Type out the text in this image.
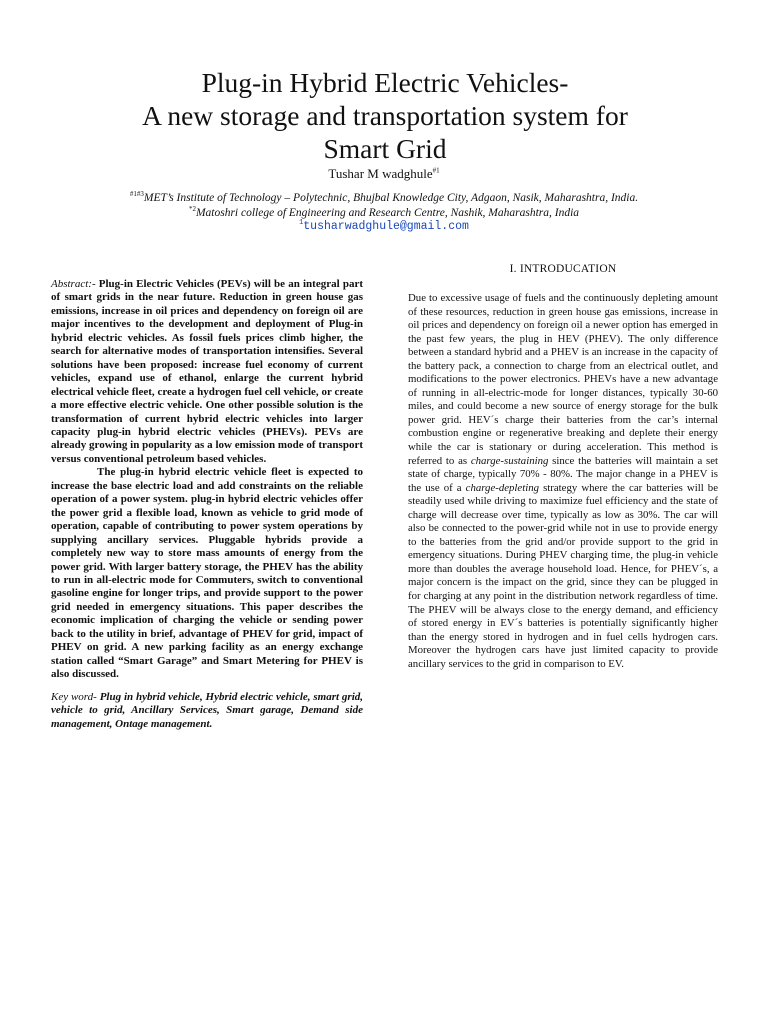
Plug-in Hybrid Electric Vehicles-
A new storage and transportation system for
Smart Grid
Tushar M wadghule$^{\#1}$
$^{\#1\#3}$MET’s Institute of Technology – Polytechnic, Bhujbal Knowledge City, Adgaon, Nasik, Maharashtra, India.
$^{*2}$Matoshri college of Engineering and Research Centre, Nashik, Maharashtra, India
$^1$tusharwadghule@gmail.com

Abstract:- Plug-in Electric Vehicles (PEVs) will be an integral part of smart grids in the near future. Reduction in green house gas emissions, increase in oil prices and dependency on foreign oil are major incentives to the development and deployment of Plug-in hybrid electric vehicles. As fossil fuels prices climb higher, the search for alternative modes of transportation intensifies. Several solutions have been proposed: increase fuel economy of current vehicles, expand use of ethanol, enlarge the current hybrid electrical vehicle fleet, create a hydrogen fuel cell vehicle, or create a more effective electric vehicle. One other possible solution is the transformation of current hybrid electric vehicles into larger capacity plug-in hybrid electric vehicles (PHEVs). PEVs are already growing in popularity as a low emission mode of transport versus conventional petroleum based vehicles.

The plug-in hybrid electric vehicle fleet is expected to increase the base electric load and add constraints on the reliable operation of a power system. plug-in hybrid electric vehicles offer the power grid a flexible load, known as vehicle to grid mode of operation, capable of contributing to power system operations by supplying ancillary services. Pluggable hybrids provide a completely new way to store mass amounts of energy from the power grid. With larger battery storage, the PHEV has the ability to run in all-electric mode for Commuters, switch to conventional gasoline engine for longer trips, and provide support to the power grid needed in emergency situations. This paper describes the economic implication of charging the vehicle or sending power back to the utility in brief, advantage of PHEV for grid, impact of PHEV on grid. A new parking facility as an energy exchange station called “Smart Garage” and Smart Metering for PHEV is also discussed.

Key word- Plug in hybrid vehicle, Hybrid electric vehicle, smart grid, vehicle to grid, Ancillary Services, Smart garage, Demand side management, Ontage management.

I. INTRODUCATION

Due to excessive usage of fuels and the continuously depleting amount of these resources, reduction in green house gas emissions, increase in oil prices and dependency on foreign oil a newer option has emerged in the past few years, the plug in HEV (PHEV). The only difference between a standard hybrid and a PHEV is an increase in the capacity of the battery pack, a connection to charge from an electrical outlet, and modifications to the power electronics. PHEVs have a new advantage of running in all-electric-mode for longer distances, typically 30-60 miles, and could become a new source of energy storage for the bulk power grid. HEV´s charge their batteries from the car’s internal combustion engine or regenerative breaking and deplete their energy while the car is stationary or during acceleration. This method is referred to as charge-sustaining since the batteries will maintain a set state of charge, typically 70% - 80%. The major change in a PHEV is the use of a charge-depleting strategy where the car batteries will be steadily used while driving to maximize fuel efficiency and the state of charge will decrease over time, typically as low as 30%. The car will also be connected to the power-grid while not in use to provide energy to the batteries from the grid and/or provide support to the grid in emergency situations. During PHEV charging time, the plug-in vehicle more than doubles the average household load. Hence, for PHEV´s, a major concern is the impact on the grid, since they can be plugged in for charging at any point in the distribution network regardless of time. The PHEV will be always close to the energy demand, and efficiency of stored energy in EV´s batteries is potentially significantly higher than the energy stored in hydrogen and in fuel cells hydrogen cars. Moreover the hydrogen cars have just limited capacity to provide ancillary services to the grid in comparison to EV.
